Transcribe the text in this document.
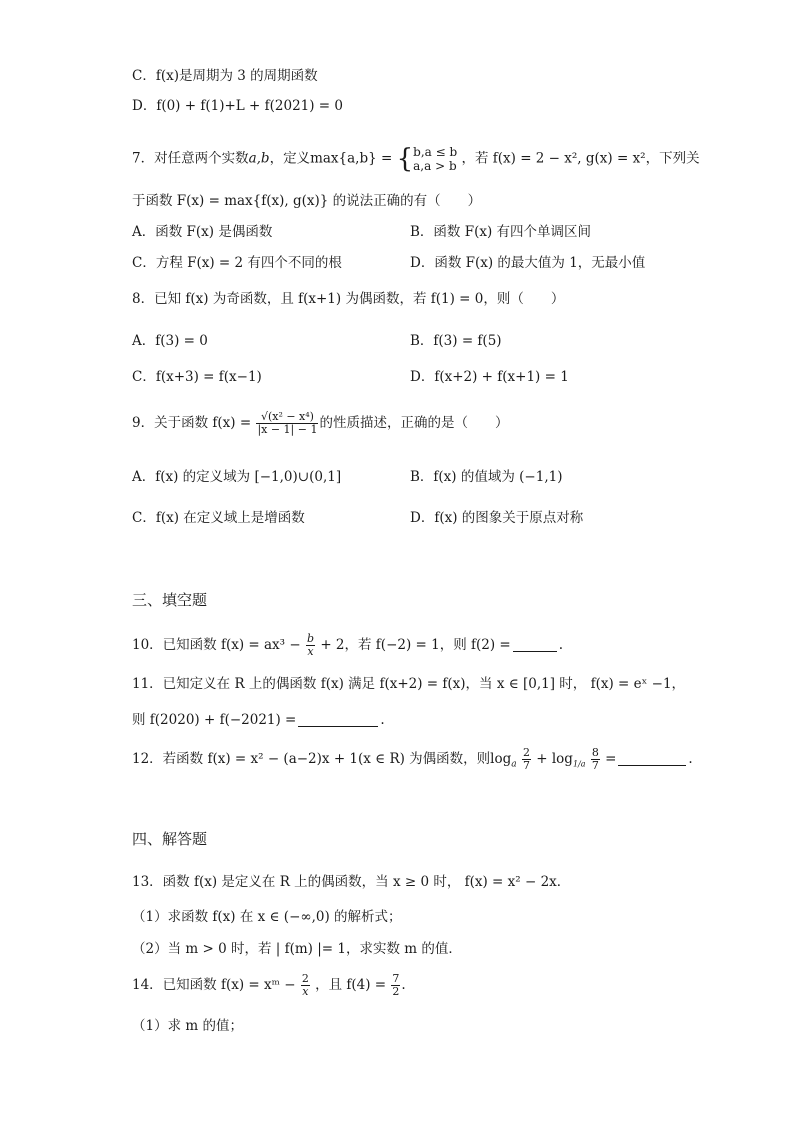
C．f(x)是周期为 3 的周期函数
D．f(0) + f(1)+L + f(2021) = 0
7．对任意两个实数a,b，定义max{a,b} = { b,a ≤ b
a,a > b ，若 f(x) = 2 − x², g(x) = x²，下列关
于函数 F(x) = max{f(x), g(x)} 的说法正确的有（　　）
A．函数 F(x) 是偶函数	B．函数 F(x) 有四个单调区间
C．方程 F(x) = 2 有四个不同的根	D．函数 F(x) 的最大值为 1，无最小值
8．已知 f(x) 为奇函数，且 f(x+1) 为偶函数，若 f(1) = 0，则（　　）
A．f(3) = 0	B．f(3) = f(5)
C．f(x+3) = f(x−1)	D．f(x+2) + f(x+1) = 1
9．关于函数 $f(x) = \frac{\text{√(x² − x⁴)}}{|x - 1| - 1}$ 的性质描述，正确的是（　　）
A．f(x) 的定义域为 [−1,0)∪(0,1]	B．f(x) 的值域为 (−1,1)
C．f(x) 在定义域上是增函数	D．f(x) 的图象关于原点对称
三、填空题
10．已知函数 $f(x) = ax^3 - \frac{b}{x} + 2$，若 f(−2) = 1，则 f(2) =	.
11．已知定义在 R 上的偶函数 f(x) 满足 f(x+2) = f(x)，当 x ∈ [0,1] 时， f(x) = eˣ −1，
则 f(2020) + f(−2021) =	.
12．若函数 f(x) = x² − (a−2)x + 1(x ∈ R) 为偶函数，则$\log_a \frac{2}{7} + \log_{1/a} \frac{8}{7}$ =	.
四、解答题
13．函数 f(x) 是定义在 R 上的偶函数，当 x ≥ 0 时， f(x) = x² − 2x．
（1）求函数 f(x) 在 x ∈ (−∞,0) 的解析式；
（2）当 m > 0 时，若 | f(m) |= 1，求实数 m 的值．
14．已知函数 f(x) = xᵐ − $\frac{2}{x}$ ，且 $f(4) = \frac{7}{2}$ .
（1）求 m 的值；
